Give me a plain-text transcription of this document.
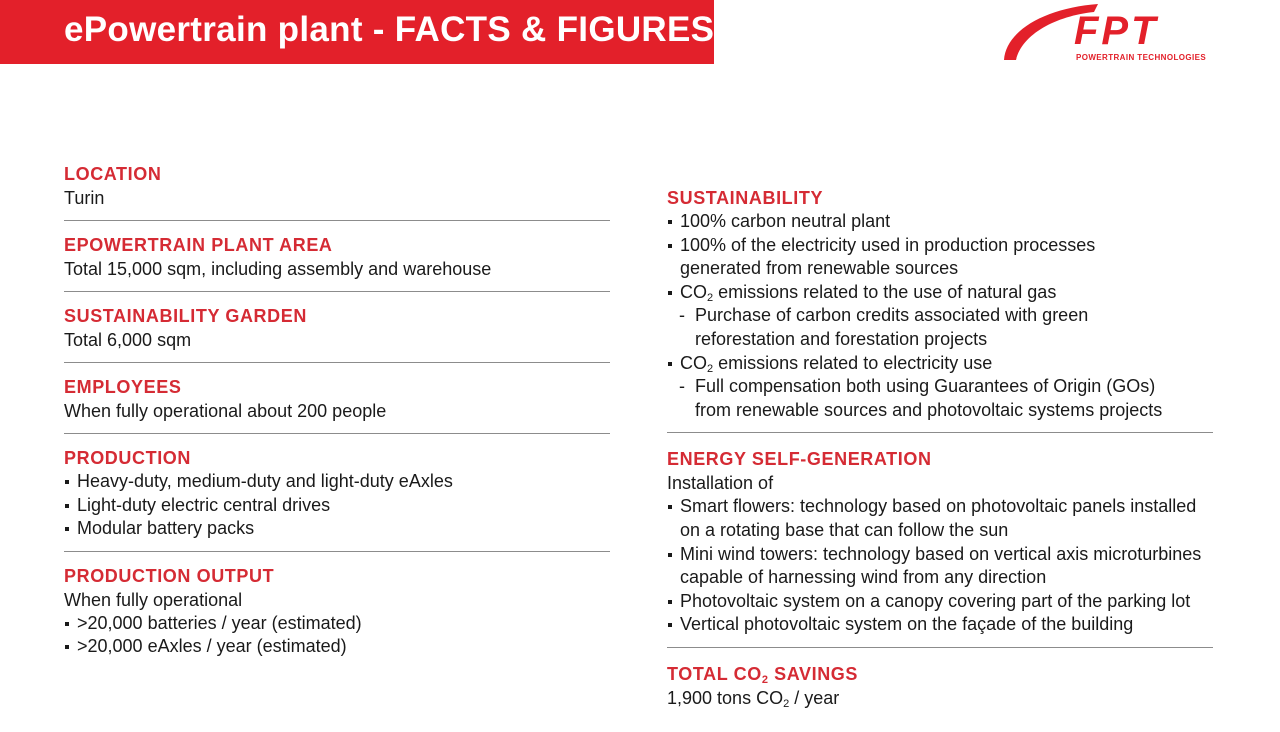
ePowertrain plant - FACTS & FIGURES	FPT
POWERTRAIN TECHNOLOGIES
LOCATION
Turin
EPOWERTRAIN PLANT AREA
Total 15,000 sqm, including assembly and warehouse
SUSTAINABILITY GARDEN
Total 6,000 sqm
EMPLOYEES
When fully operational about 200 people
PRODUCTION
Heavy-duty, medium-duty and light-duty eAxles
Light-duty electric central drives
Modular battery packs
PRODUCTION OUTPUT
When fully operational
>20,000 batteries / year (estimated)
>20,000 eAxles / year (estimated)
SUSTAINABILITY
100% carbon neutral plant
100% of the electricity used in production processes
generated from renewable sources
$CO_2$ emissions related to the use of natural gas
- Purchase of carbon credits associated with green
reforestation and forestation projects
$CO_2$ emissions related to electricity use
- Full compensation both using Guarantees of Origin (GOs)
from renewable sources and photovoltaic systems projects
ENERGY SELF-GENERATION
Installation of
Smart flowers: technology based on photovoltaic panels installed
on a rotating base that can follow the sun
Mini wind towers: technology based on vertical axis microturbines
capable of harnessing wind from any direction
Photovoltaic system on a canopy covering part of the parking lot
Vertical photovoltaic system on the façade of the building
TOTAL $CO_2$ SAVINGS
1,900 tons $CO_2$ / year
